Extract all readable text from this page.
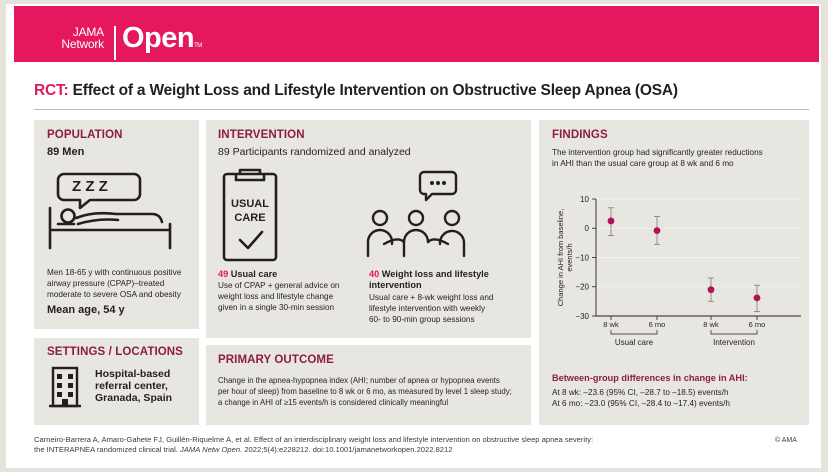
JAMA
Network OpenTM
RCT: Effect of a Weight Loss and Lifestyle Intervention on Obstructive Sleep Apnea (OSA)
POPULATION
89 Men
Z Z Z
Men 18-65 y with continuous positive
airway pressure (CPAP)–treated
moderate to severe OSA and obesity
Mean age, 54 y
SETTINGS / LOCATIONS
Hospital-based
referral center,
Granada, Spain
INTERVENTION
89 Participants randomized and analyzed
USUAL
CARE
49 Usual care
Use of CPAP + general advice on
weight loss and lifestyle change
given in a single 30-min session
40 Weight loss and lifestyle
intervention
Usual care + 8-wk weight loss and
lifestyle intervention with weekly
60- to 90-min group sessions
PRIMARY OUTCOME
Change in the apnea-hypopnea index (AHI; number of apnea or hypopnea events
per hour of sleep) from baseline to 8 wk or 6 mo, as measured by level 1 sleep study;
a change in AHI of ≥15 events/h is considered clinically meaningful
FINDINGS
The intervention group had significantly greater reductions
in AHI than the usual care group at 8 wk and 6 mo
10
0
−10
−20
−30
Change in AHI from baseline, events/h
8 wk	6 mo	8 wk	6 mo
Usual care	Intervention
Between-group differences in change in AHI:
At 8 wk: –23.6 (95% CI, –28.7 to –18.5) events/h
At 6 mo: –23.0 (95% CI, –28.4 to –17.4) events/h
Carneiro-Barrera A, Amaro-Gahete FJ, Guillén-Riquelme A, et al. Effect of an interdisciplinary weight loss and lifestyle intervention on obstructive sleep apnea severity:
the INTERAPNEA randomized clinical trial. JAMA Netw Open. 2022;5(4):e228212. doi:10.1001/jamanetworkopen.2022.8212
© AMA
